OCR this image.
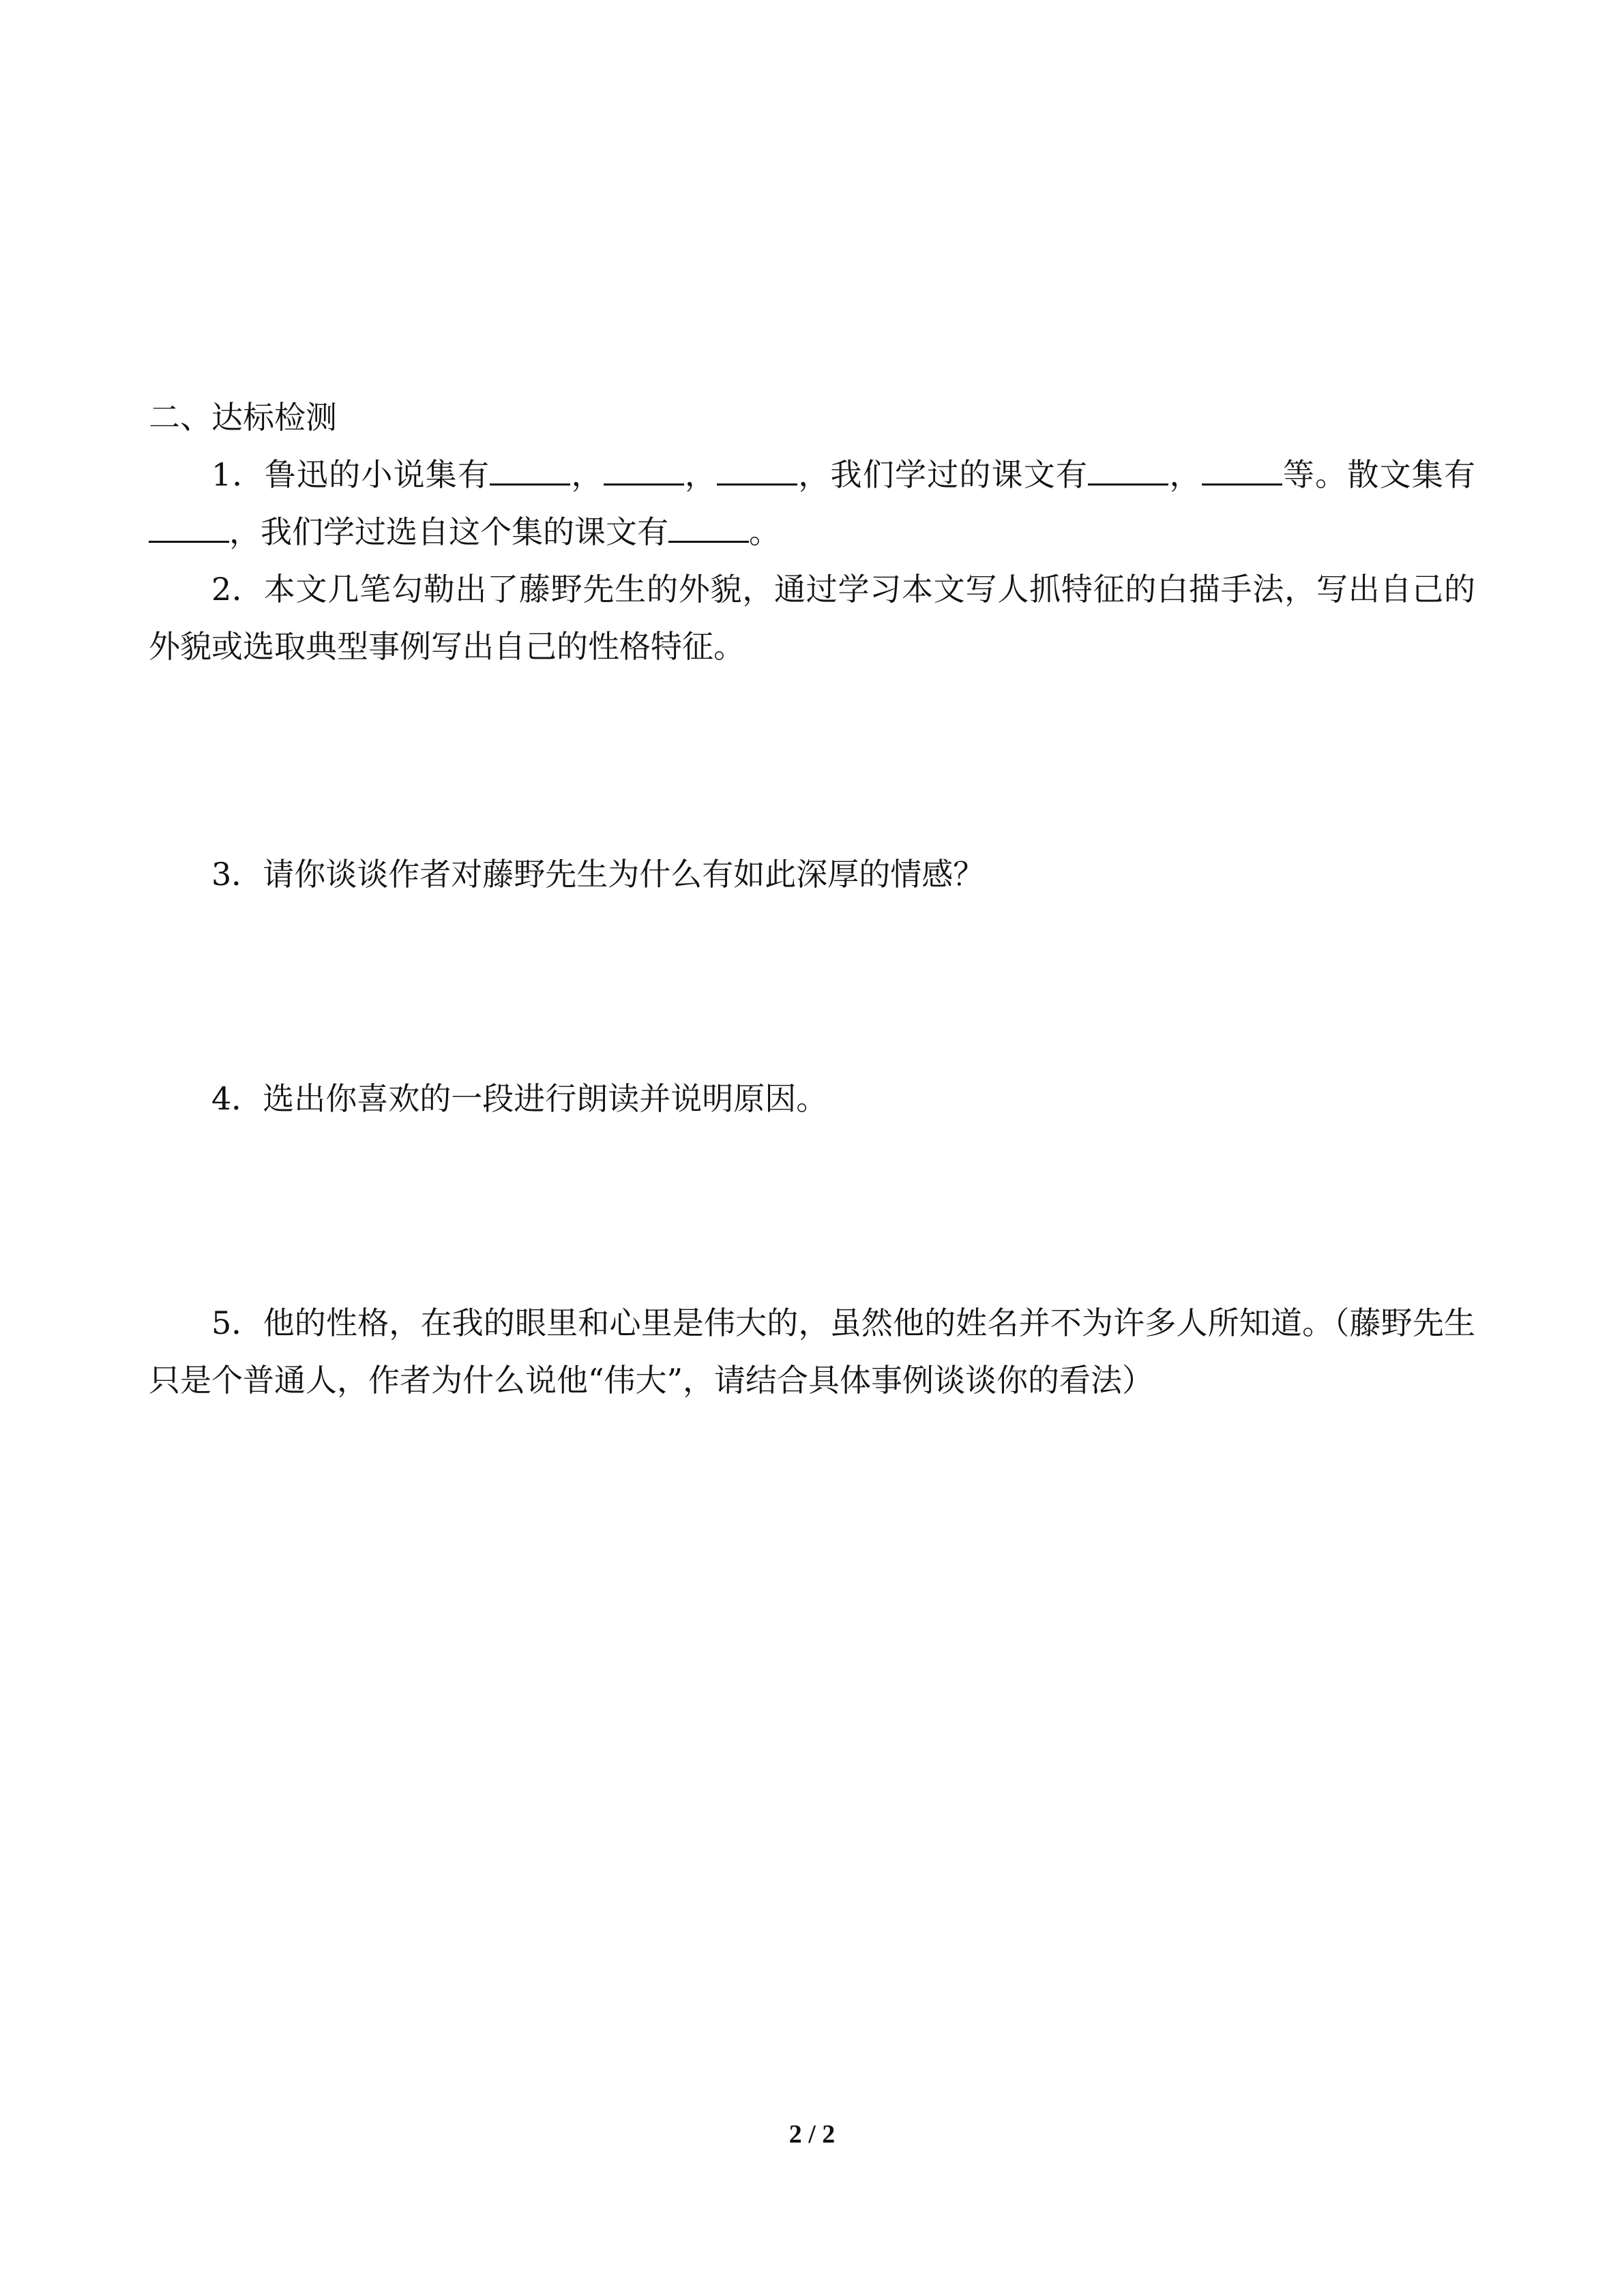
二、达标检测

1．鲁迅的小说集有	，	，	，我们学过的课文有	，	等。散文集有，我们学过选自这个集的课文有	。

2．本文几笔勾勒出了藤野先生的外貌，通过学习本文写人抓特征的白描手法，写出自己的外貌或选取典型事例写出自己的性格特征。

3．请你谈谈作者对藤野先生为什么有如此深厚的情感？

4．选出你喜欢的一段进行朗读并说明原因。

5．他的性格，在我的眼里和心里是伟大的，虽然他的姓名并不为许多人所知道。（藤野先生只是个普通人，作者为什么说他“伟大”，请结合具体事例谈谈你的看法）

2 / 2
